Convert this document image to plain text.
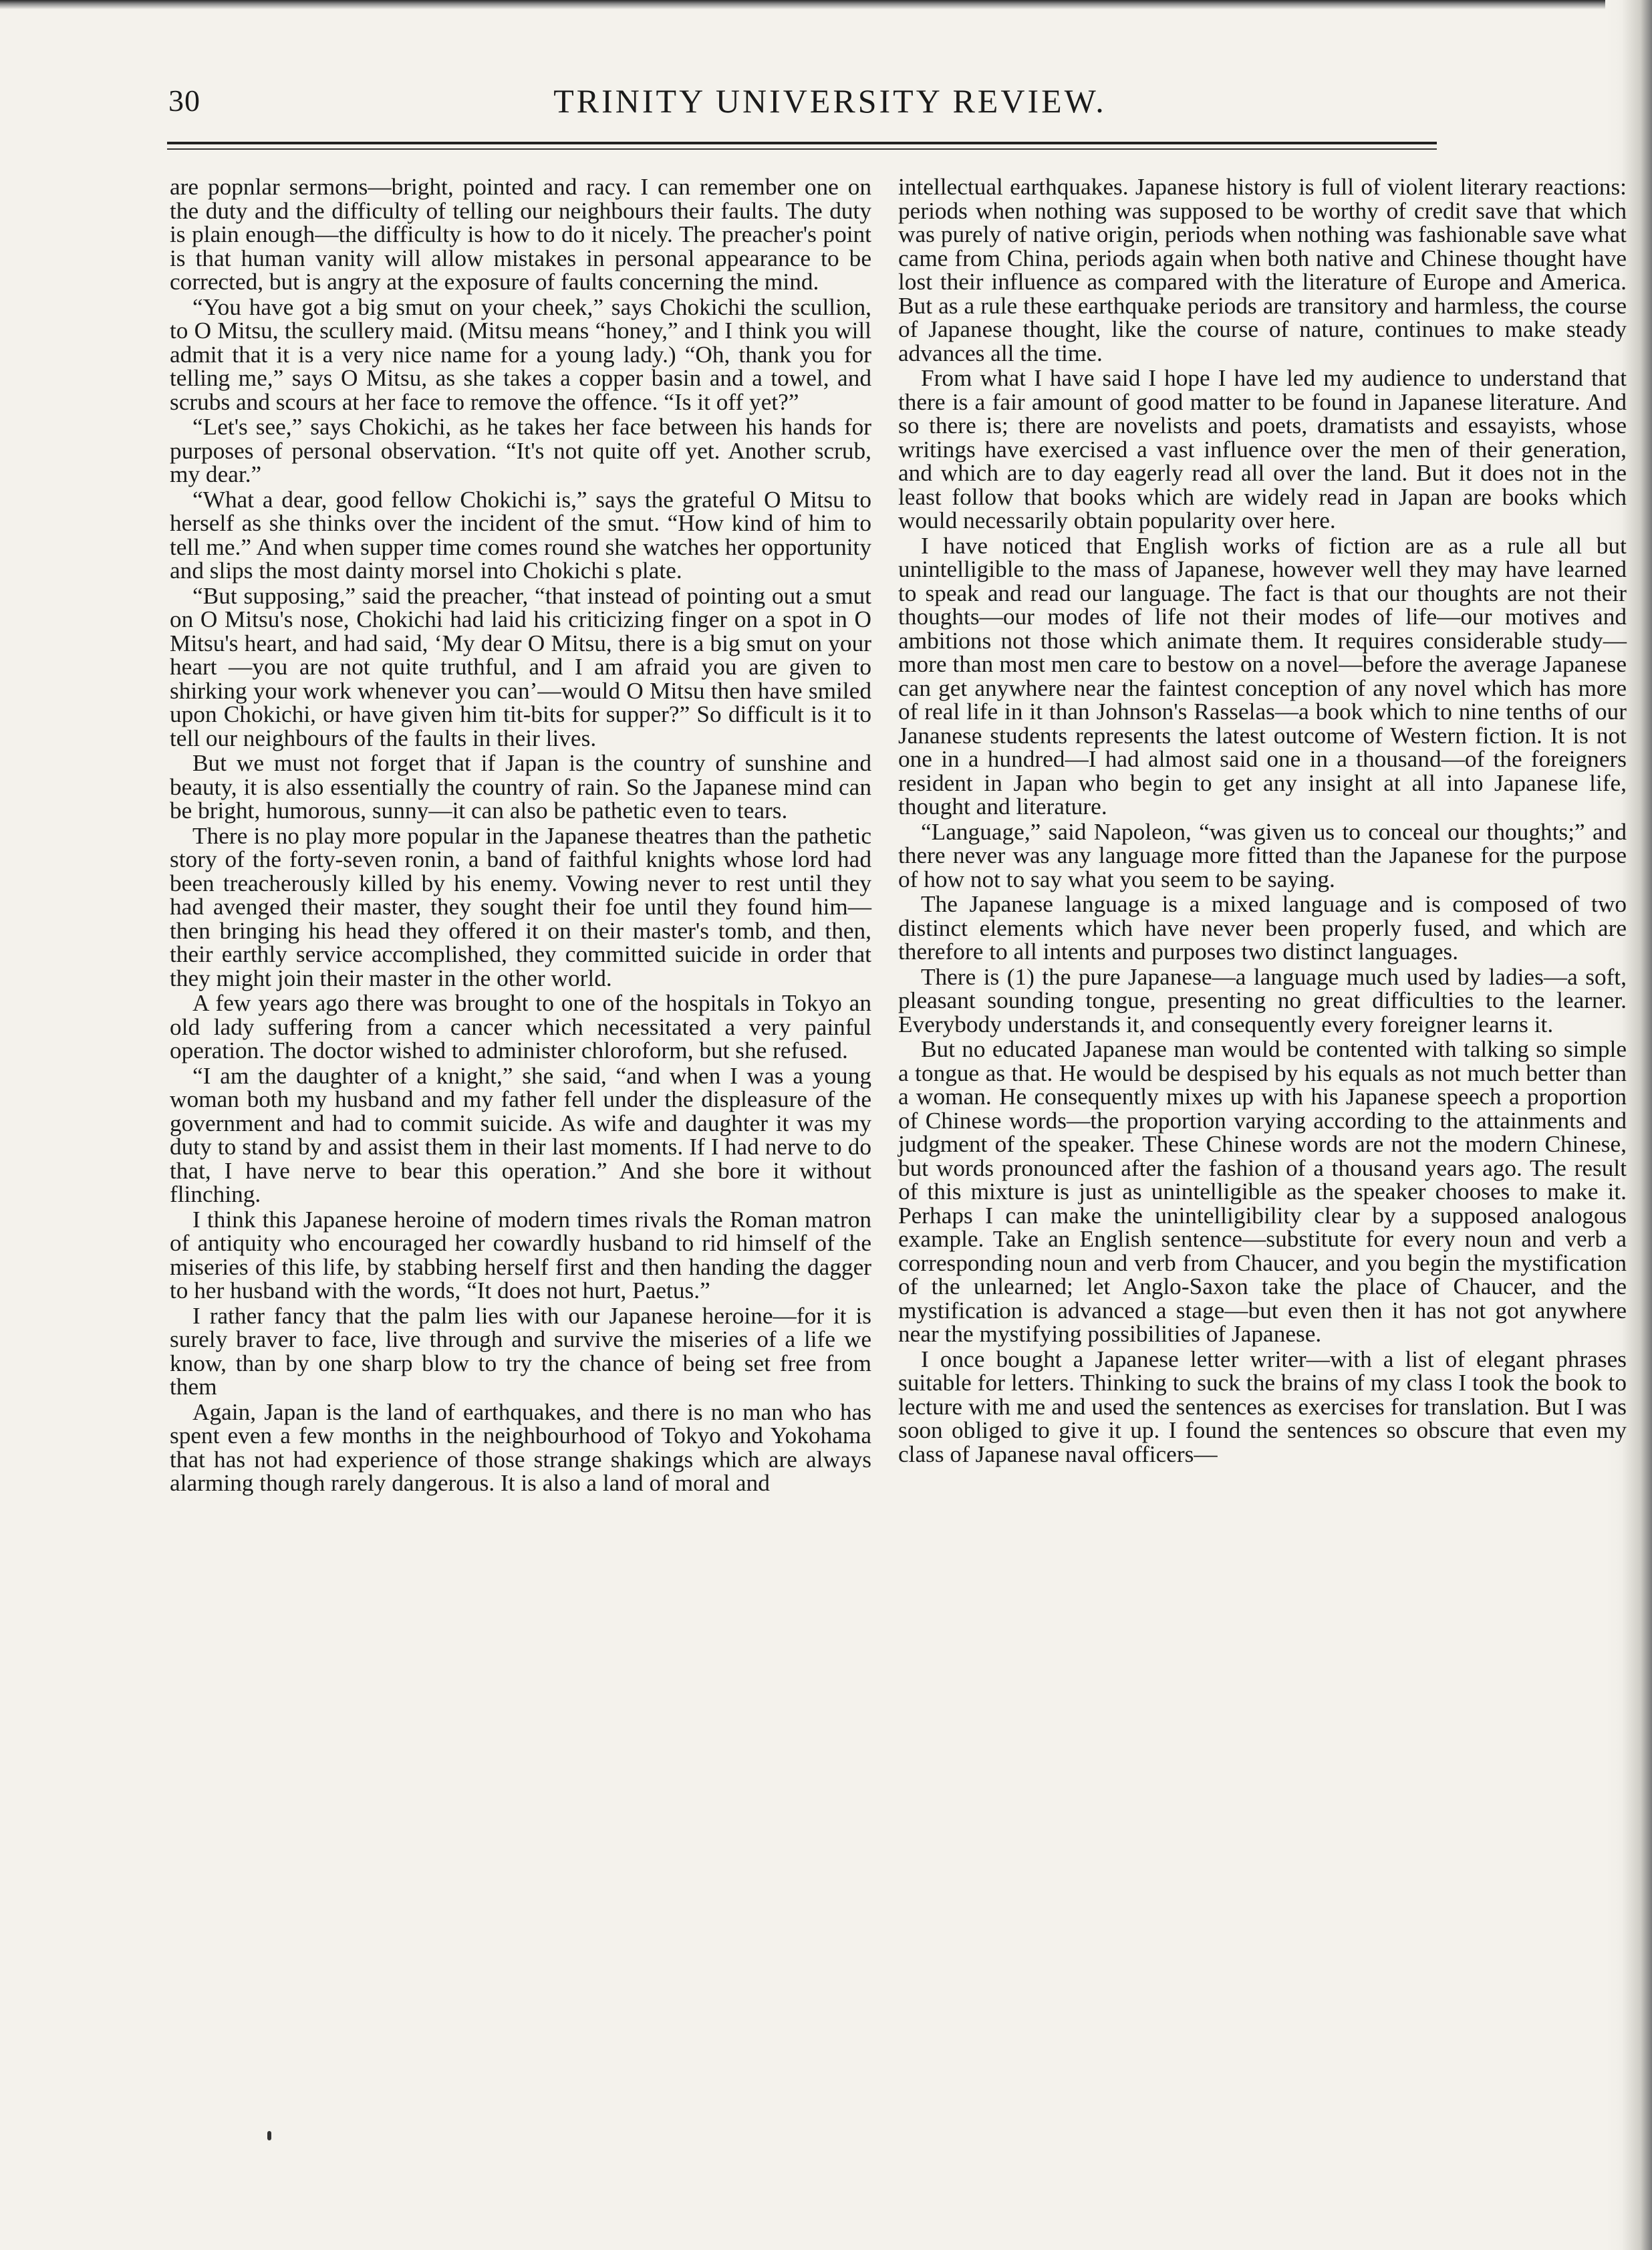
30	TRINITY UNIVERSITY REVIEW.

are popnlar sermons—bright, pointed and racy. I can remember one on the duty and the difficulty of telling our neighbours their faults. The duty is plain enough—the difficulty is how to do it nicely. The preacher's point is that human vanity will allow mistakes in personal appearance to be corrected, but is angry at the exposure of faults concerning the mind.

“You have got a big smut on your cheek,” says Chokichi the scullion, to O Mitsu, the scullery maid. (Mitsu means “honey,” and I think you will admit that it is a very nice name for a young lady.) “Oh, thank you for telling me,” says O Mitsu, as she takes a copper basin and a towel, and scrubs and scours at her face to remove the offence. “Is it off yet?”

“Let's see,” says Chokichi, as he takes her face between his hands for purposes of personal observation. “It's not quite off yet. Another scrub, my dear.”

“What a dear, good fellow Chokichi is,” says the grateful O Mitsu to herself as she thinks over the incident of the smut. “How kind of him to tell me.” And when supper time comes round she watches her opportunity and slips the most dainty morsel into Chokichi s plate.

“But supposing,” said the preacher, “that instead of pointing out a smut on O Mitsu's nose, Chokichi had laid his criticizing finger on a spot in O Mitsu's heart, and had said, ‘My dear O Mitsu, there is a big smut on your heart —you are not quite truthful, and I am afraid you are given to shirking your work whenever you can’—would O Mitsu then have smiled upon Chokichi, or have given him tit-bits for supper?” So difficult is it to tell our neighbours of the faults in their lives.

But we must not forget that if Japan is the country of sunshine and beauty, it is also essentially the country of rain. So the Japanese mind can be bright, humorous, sunny—it can also be pathetic even to tears.

There is no play more popular in the Japanese theatres than the pathetic story of the forty-seven ronin, a band of faithful knights whose lord had been treacherously killed by his enemy. Vowing never to rest until they had avenged their master, they sought their foe until they found him—then bringing his head they offered it on their master's tomb, and then, their earthly service accomplished, they committed suicide in order that they might join their master in the other world.

A few years ago there was brought to one of the hospitals in Tokyo an old lady suffering from a cancer which necessitated a very painful operation. The doctor wished to administer chloroform, but she refused.

“I am the daughter of a knight,” she said, “and when I was a young woman both my husband and my father fell under the displeasure of the government and had to commit suicide. As wife and daughter it was my duty to stand by and assist them in their last moments. If I had nerve to do that, I have nerve to bear this operation.” And she bore it without flinching.

I think this Japanese heroine of modern times rivals the Roman matron of antiquity who encouraged her cowardly husband to rid himself of the miseries of this life, by stabbing herself first and then handing the dagger to her husband with the words, “It does not hurt, Paetus.”

I rather fancy that the palm lies with our Japanese heroine—for it is surely braver to face, live through and survive the miseries of a life we know, than by one sharp blow to try the chance of being set free from them

Again, Japan is the land of earthquakes, and there is no man who has spent even a few months in the neighbourhood of Tokyo and Yokohama that has not had experience of those strange shakings which are always alarming though rarely dangerous. It is also a land of moral and

intellectual earthquakes. Japanese history is full of violent literary reactions: periods when nothing was supposed to be worthy of credit save that which was purely of native origin, periods when nothing was fashionable save what came from China, periods again when both native and Chinese thought have lost their influence as compared with the literature of Europe and America. But as a rule these earthquake periods are transitory and harmless, the course of Japanese thought, like the course of nature, continues to make steady advances all the time.

From what I have said I hope I have led my audience to understand that there is a fair amount of good matter to be found in Japanese literature. And so there is; there are novelists and poets, dramatists and essayists, whose writings have exercised a vast influence over the men of their generation, and which are to day eagerly read all over the land. But it does not in the least follow that books which are widely read in Japan are books which would necessarily obtain popularity over here.

I have noticed that English works of fiction are as a rule all but unintelligible to the mass of Japanese, however well they may have learned to speak and read our language. The fact is that our thoughts are not their thoughts—our modes of life not their modes of life—our motives and ambitions not those which animate them. It requires considerable study—more than most men care to bestow on a novel—before the average Japanese can get anywhere near the faintest conception of any novel which has more of real life in it than Johnson's Rasselas—a book which to nine tenths of our Jananese students represents the latest outcome of Western fiction. It is not one in a hundred—I had almost said one in a thousand—of the foreigners resident in Japan who begin to get any insight at all into Japanese life, thought and literature.

“Language,” said Napoleon, “was given us to conceal our thoughts;” and there never was any language more fitted than the Japanese for the purpose of how not to say what you seem to be saying.

The Japanese language is a mixed language and is composed of two distinct elements which have never been properly fused, and which are therefore to all intents and purposes two distinct languages.

There is (1) the pure Japanese—a language much used by ladies—a soft, pleasant sounding tongue, presenting no great difficulties to the learner. Everybody understands it, and consequently every foreigner learns it.

But no educated Japanese man would be contented with talking so simple a tongue as that. He would be despised by his equals as not much better than a woman. He consequently mixes up with his Japanese speech a proportion of Chinese words—the proportion varying according to the attainments and judgment of the speaker. These Chinese words are not the modern Chinese, but words pronounced after the fashion of a thousand years ago. The result of this mixture is just as unintelligible as the speaker chooses to make it. Perhaps I can make the unintelligibility clear by a supposed analogous example. Take an English sentence—substitute for every noun and verb a corresponding noun and verb from Chaucer, and you begin the mystification of the unlearned; let Anglo-Saxon take the place of Chaucer, and the mystification is advanced a stage—but even then it has not got anywhere near the mystifying possibilities of Japanese.

I once bought a Japanese letter writer—with a list of elegant phrases suitable for letters. Thinking to suck the brains of my class I took the book to lecture with me and used the sentences as exercises for translation. But I was soon obliged to give it up. I found the sentences so obscure that even my class of Japanese naval officers—
